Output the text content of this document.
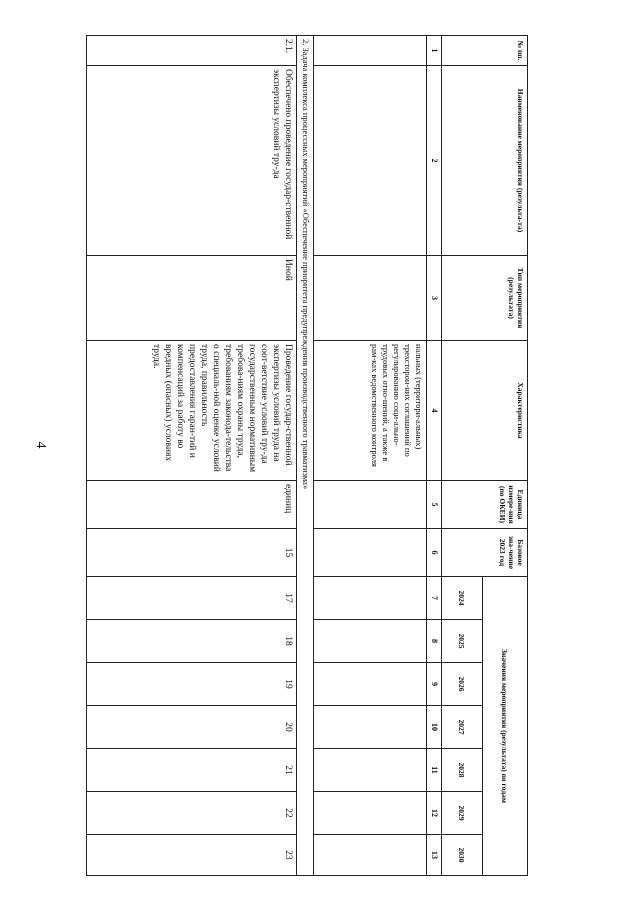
4
№ пп.	Наименование мероприятия (результа-та)	Тип мероприятия (результата)	Характеристика	Единица измере-ния (по ОКЕИ)	Базовое зна-чение 2023 год	Значения мероприятия (результата) по годам						
						2024	2025	2026	2027	2028	2029	2030
1	2	3	4	5	6	7	8	9	10	11	12	13
			нальных (территори-альных) трехсторон-них соглашений по регулированию соци-ально-трудовых отно-шений, а также в рам-ках ведомственного контроля									
2. Задача комплекса процессных мероприятий «Обеспечение приоритета предупреждения производственного травматизма»												
2.1.	Обеспечено проведение государ-ственной экспертизы условий тру-да	Иной	Проведение государ-ственной экспертизы условий труда на соот-ветствие условий тру-да государственным нормативным требова-ниям охраны труда, требованиям законода-тельства о специаль-ной оценке условий труда, правильность предоставления гаран-тий и компенсаций за работу во вредных (опасных) условиях труда.	единиц	15	17	18	19	20	21	22	23
